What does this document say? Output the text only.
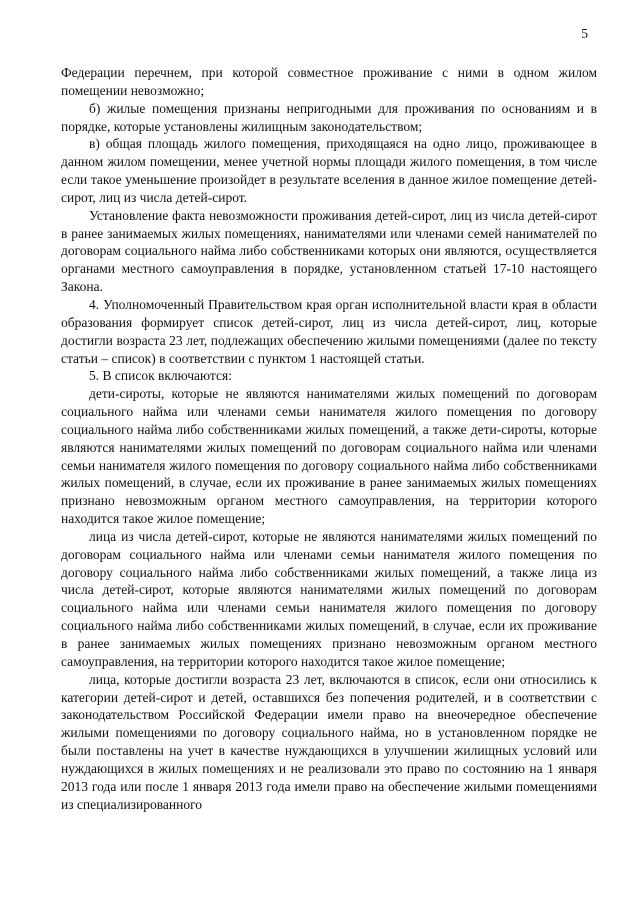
5

Федерации перечнем, при которой совместное проживание с ними в одном жилом помещении невозможно;

б) жилые помещения признаны непригодными для проживания по основаниям и в порядке, которые установлены жилищным законодательством;

в) общая площадь жилого помещения, приходящаяся на одно лицо, проживающее в данном жилом помещении, менее учетной нормы площади жилого помещения, в том числе если такое уменьшение произойдет в результате вселения в данное жилое помещение детей-сирот, лиц из числа детей-сирот.

Установление факта невозможности проживания детей-сирот, лиц из числа детей-сирот в ранее занимаемых жилых помещениях, нанимателями или членами семей нанимателей по договорам социального найма либо собственниками которых они являются, осуществляется органами местного самоуправления в порядке, установленном статьей 17-10 настоящего Закона.

4. Уполномоченный Правительством края орган исполнительной власти края в области образования формирует список детей-сирот, лиц из числа детей-сирот, лиц, которые достигли возраста 23 лет, подлежащих обеспечению жилыми помещениями (далее по тексту статьи – список) в соответствии с пунктом 1 настоящей статьи.

5. В список включаются:

дети-сироты, которые не являются нанимателями жилых помещений по договорам социального найма или членами семьи нанимателя жилого помещения по договору социального найма либо собственниками жилых помещений, а также дети-сироты, которые являются нанимателями жилых помещений по договорам социального найма или членами семьи нанимателя жилого помещения по договору социального найма либо собственниками жилых помещений, в случае, если их проживание в ранее занимаемых жилых помещениях признано невозможным органом местного самоуправления, на территории которого находится такое жилое помещение;

лица из числа детей-сирот, которые не являются нанимателями жилых помещений по договорам социального найма или членами семьи нанимателя жилого помещения по договору социального найма либо собственниками жилых помещений, а также лица из числа детей-сирот, которые являются нанимателями жилых помещений по договорам социального найма или членами семьи нанимателя жилого помещения по договору социального найма либо собственниками жилых помещений, в случае, если их проживание в ранее занимаемых жилых помещениях признано невозможным органом местного самоуправления, на территории которого находится такое жилое помещение;

лица, которые достигли возраста 23 лет, включаются в список, если они относились к категории детей-сирот и детей, оставшихся без попечения родителей, и в соответствии с законодательством Российской Федерации имели право на внеочередное обеспечение жилыми помещениями по договору социального найма, но в установленном порядке не были поставлены на учет в качестве нуждающихся в улучшении жилищных условий или нуждающихся в жилых помещениях и не реализовали это право по состоянию на 1 января 2013 года или после 1 января 2013 года имели право на обеспечение жилыми помещениями из специализированного
